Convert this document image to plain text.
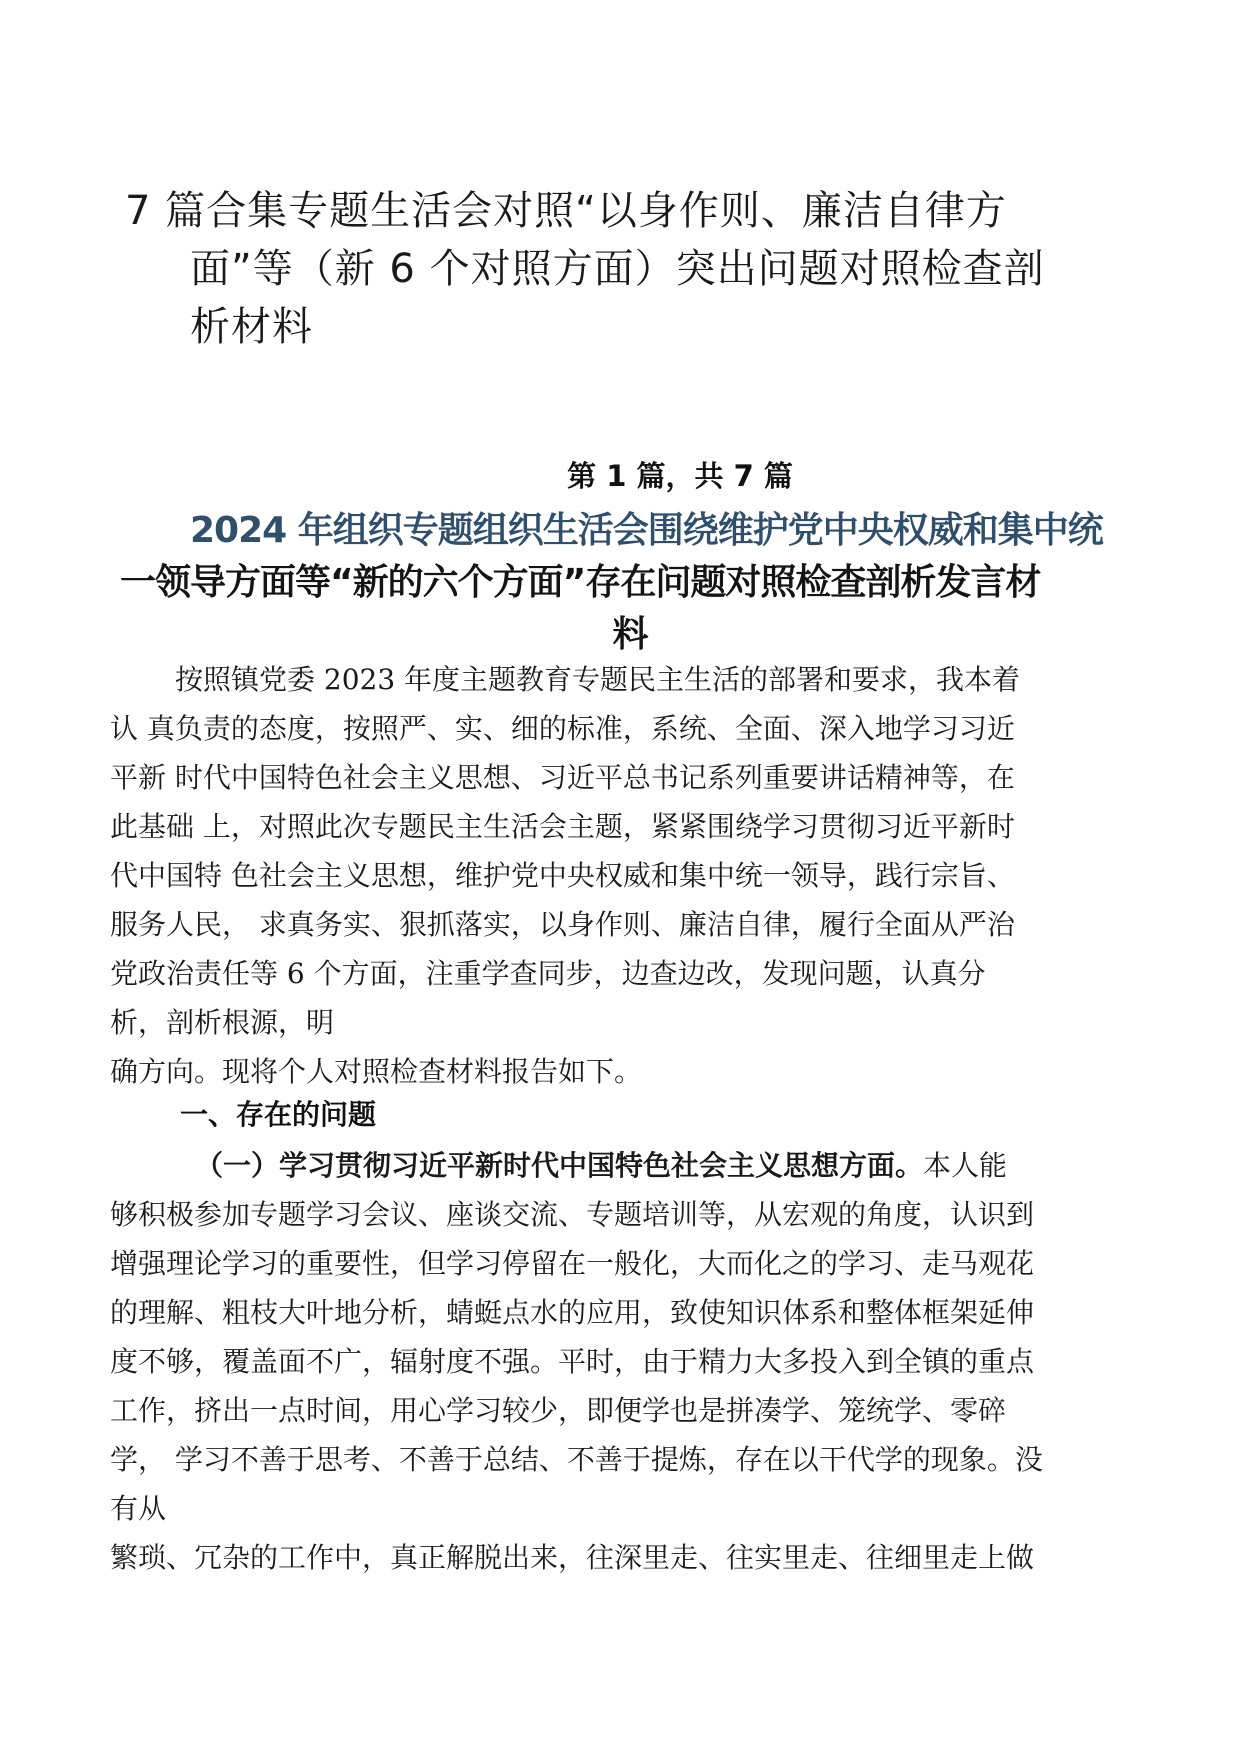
7 篇合集专题生活会对照“以身作则、廉洁自律方
面”等（新 6 个对照方面）突出问题对照检查剖
析材料
第 1 篇，共 7 篇
2024 年组织专题组织生活会围绕维护党中央权威和集中统
一领导方面等“新的六个方面”存在问题对照检查剖析发言材
料
按照镇党委 2023 年度主题教育专题民主生活的部署和要求，我本着
认 真负责的态度，按照严、实、细的标准，系统、全面、深入地学习习近
平新 时代中国特色社会主义思想、习近平总书记系列重要讲话精神等，在
此基础 上，对照此次专题民主生活会主题，紧紧围绕学习贯彻习近平新时
代中国特 色社会主义思想，维护党中央权威和集中统一领导，践行宗旨、
服务人民， 求真务实、狠抓落实，以身作则、廉洁自律，履行全面从严治
党政治责任等 6 个方面，注重学查同步，边查边改，发现问题，认真分
析，剖析根源，明
确方向。现将个人对照检查材料报告如下。
一、存在的问题
（一）学习贯彻习近平新时代中国特色社会主义思想方面。本人能
够积极参加专题学习会议、座谈交流、专题培训等，从宏观的角度，认识到
增强理论学习的重要性，但学习停留在一般化，大而化之的学习、走马观花
的理解、粗枝大叶地分析，蜻蜓点水的应用，致使知识体系和整体框架延伸
度不够，覆盖面不广，辐射度不强。平时，由于精力大多投入到全镇的重点
工作，挤出一点时间，用心学习较少，即便学也是拼凑学、笼统学、零碎
学， 学习不善于思考、不善于总结、不善于提炼，存在以干代学的现象。没
有从
繁琐、冗杂的工作中，真正解脱出来，往深里走、往实里走、往细里走上做
